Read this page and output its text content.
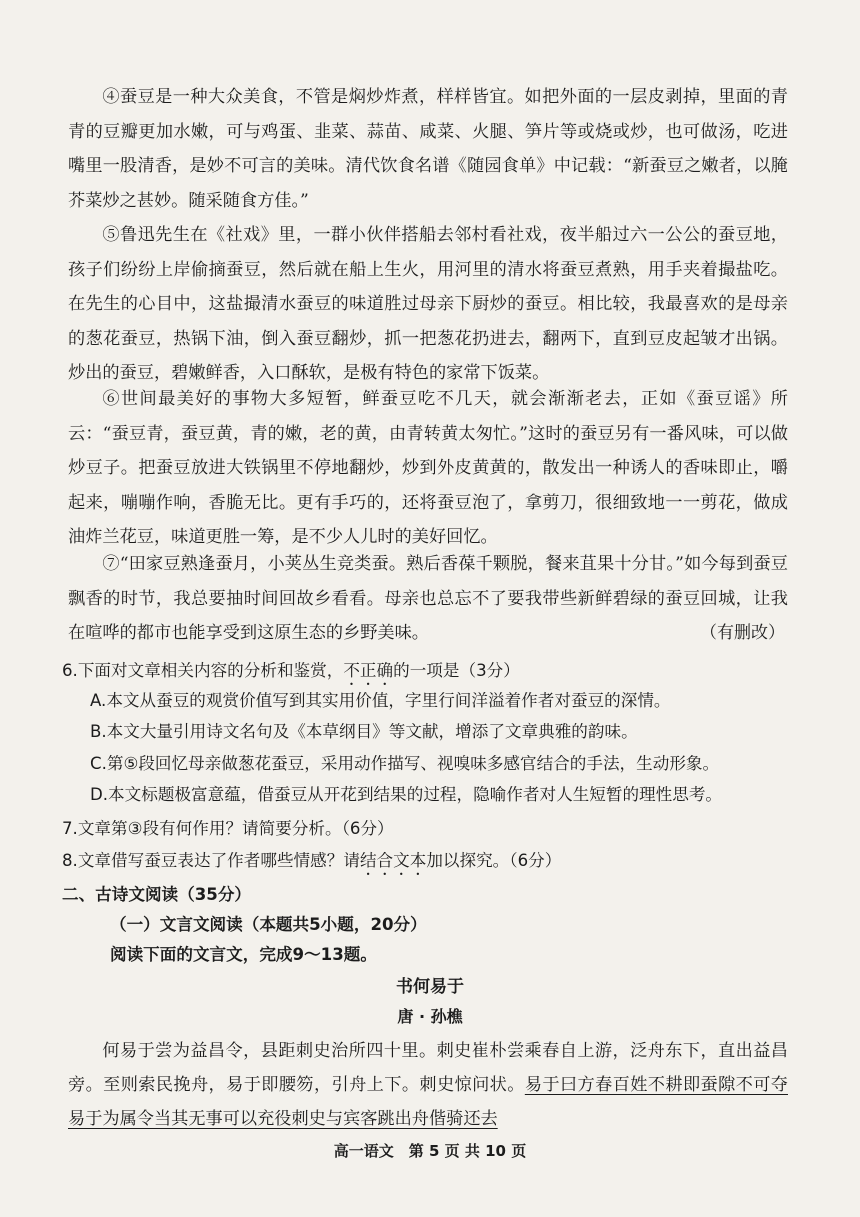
④蚕豆是一种大众美食，不管是焖炒炸煮，样样皆宜。如把外面的一层皮剥掉，里面的青青的豆瓣更加水嫩，可与鸡蛋、韭菜、蒜苗、咸菜、火腿、笋片等或烧或炒，也可做汤，吃进嘴里一股清香，是妙不可言的美味。清代饮食名谱《随园食单》中记载：“新蚕豆之嫩者，以腌芥菜炒之甚妙。随采随食方佳。”

⑤鲁迅先生在《社戏》里，一群小伙伴搭船去邻村看社戏，夜半船过六一公公的蚕豆地，孩子们纷纷上岸偷摘蚕豆，然后就在船上生火，用河里的清水将蚕豆煮熟，用手夹着撮盐吃。在先生的心目中，这盐撮清水蚕豆的味道胜过母亲下厨炒的蚕豆。相比较，我最喜欢的是母亲的葱花蚕豆，热锅下油，倒入蚕豆翻炒，抓一把葱花扔进去，翻两下，直到豆皮起皱才出锅。炒出的蚕豆，碧嫩鲜香，入口酥软，是极有特色的家常下饭菜。

⑥世间最美好的事物大多短暂，鲜蚕豆吃不几天，就会渐渐老去，正如《蚕豆谣》所云：“蚕豆青，蚕豆黄，青的嫩，老的黄，由青转黄太匆忙。”这时的蚕豆另有一番风味，可以做炒豆子。把蚕豆放进大铁锅里不停地翻炒，炒到外皮黄黄的，散发出一种诱人的香味即止，嚼起来，嘣嘣作响，香脆无比。更有手巧的，还将蚕豆泡了，拿剪刀，很细致地一一剪花，做成油炸兰花豆，味道更胜一筹，是不少人儿时的美好回忆。

⑦“田家豆熟逢蚕月，小荚丛生竞类蚕。熟后香葆千颗脱，餐来苴果十分甘。”如今每到蚕豆飘香的时节，我总要抽时间回故乡看看。母亲也总忘不了要我带些新鲜碧绿的蚕豆回城，让我在喧哗的都市也能享受到这原生态的乡野美味。	（有删改）
6.下面对文章相关内容的分析和鉴赏，不正确的一项是（3分）
A.本文从蚕豆的观赏价值写到其实用价值，字里行间洋溢着作者对蚕豆的深情。
B.本文大量引用诗文名句及《本草纲目》等文献，增添了文章典雅的韵味。
C.第⑤段回忆母亲做葱花蚕豆，采用动作描写、视嗅味多感官结合的手法，生动形象。
D.本文标题极富意蕴，借蚕豆从开花到结果的过程，隐喻作者对人生短暂的理性思考。
7.文章第③段有何作用？请简要分析。（6分）
8.文章借写蚕豆表达了作者哪些情感？请结合文本加以探究。（6分）
二、古诗文阅读（35分）
（一）文言文阅读（本题共5小题，20分）
阅读下面的文言文，完成9～13题。
书何易于
唐 · 孙樵

何易于尝为益昌令，县距刺史治所四十里。刺史崔朴尝乘春自上游，泛舟东下，直出益昌旁。至则索民挽舟，易于即腰笏，引舟上下。刺史惊问状。易于曰方春百姓不耕即蚕隙不可夺易于为属令当其无事可以充役刺史与宾客跳出舟偕骑还去

高一语文　第 5 页 共 10 页
